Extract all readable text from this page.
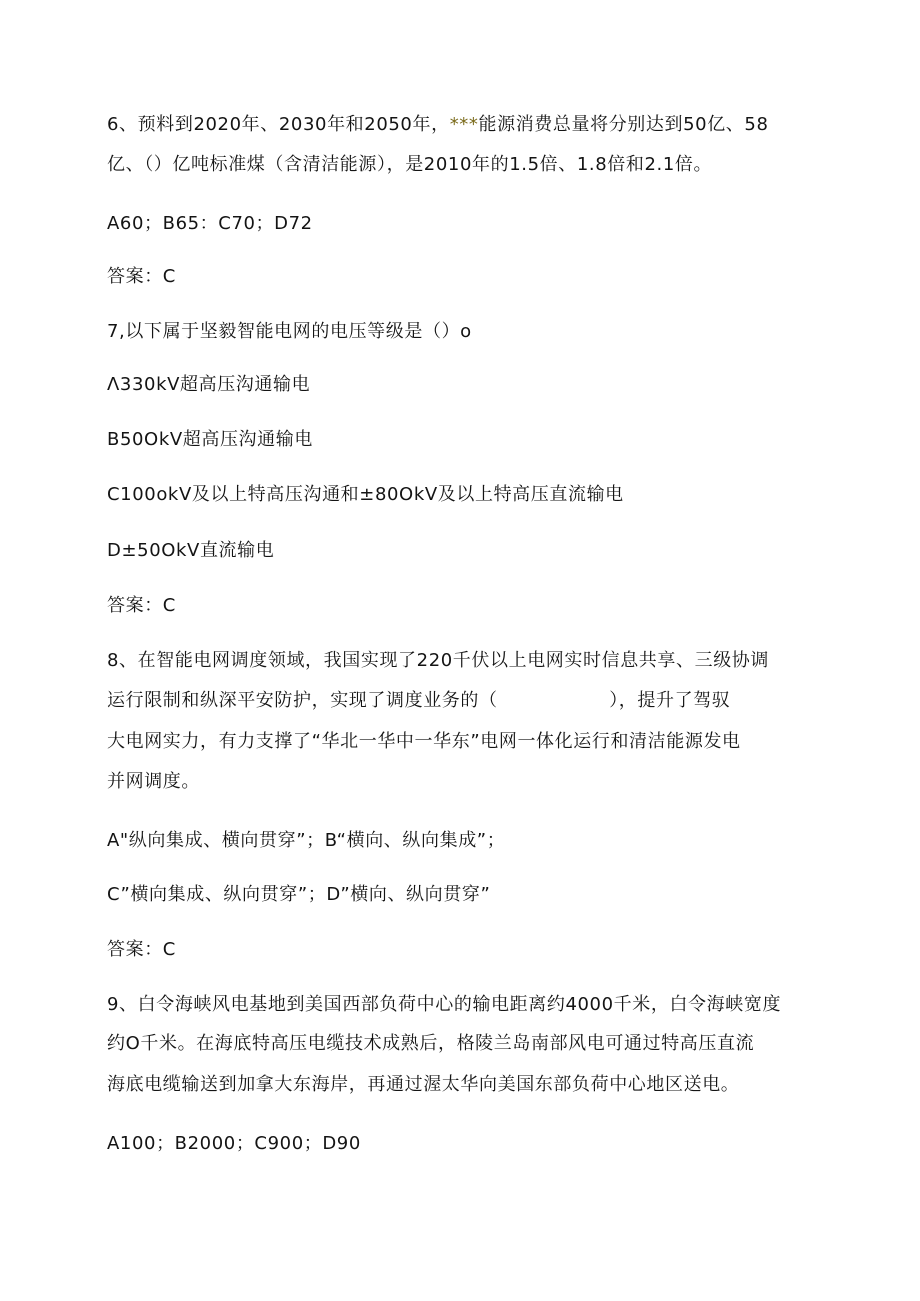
6、预料到2020年、2030年和2050年，***能源消费总量将分别达到50亿、58

亿、（）亿吨标准煤（含清洁能源），是2010年的1.5倍、1.8倍和2.1倍。

A60；B65：C70；D72

答案：C

7,以下属于坚毅智能电网的电压等级是（）o

Λ330kV超高压沟通输电

B50OkV超高压沟通输电

C100okV及以上特高压沟通和±80OkV及以上特高压直流输电

D±50OkV直流输电

答案：C

8、在智能电网调度领域，我国实现了220千伏以上电网实时信息共享、三级协调

运行限制和纵深平安防护，实现了调度业务的（　　　　　　），提升了驾驭

大电网实力，有力支撑了“华北一华中一华东”电网一体化运行和清洁能源发电

并网调度。

A"纵向集成、横向贯穿”；B“横向、纵向集成”；

C”横向集成、纵向贯穿”；D”横向、纵向贯穿”

答案：C

9、白令海峡风电基地到美国西部负荷中心的输电距离约4000千米，白令海峡宽度

约O千米。在海底特高压电缆技术成熟后，格陵兰岛南部风电可通过特高压直流

海底电缆输送到加拿大东海岸，再通过渥太华向美国东部负荷中心地区送电。

A100；B2000；C900；D90
